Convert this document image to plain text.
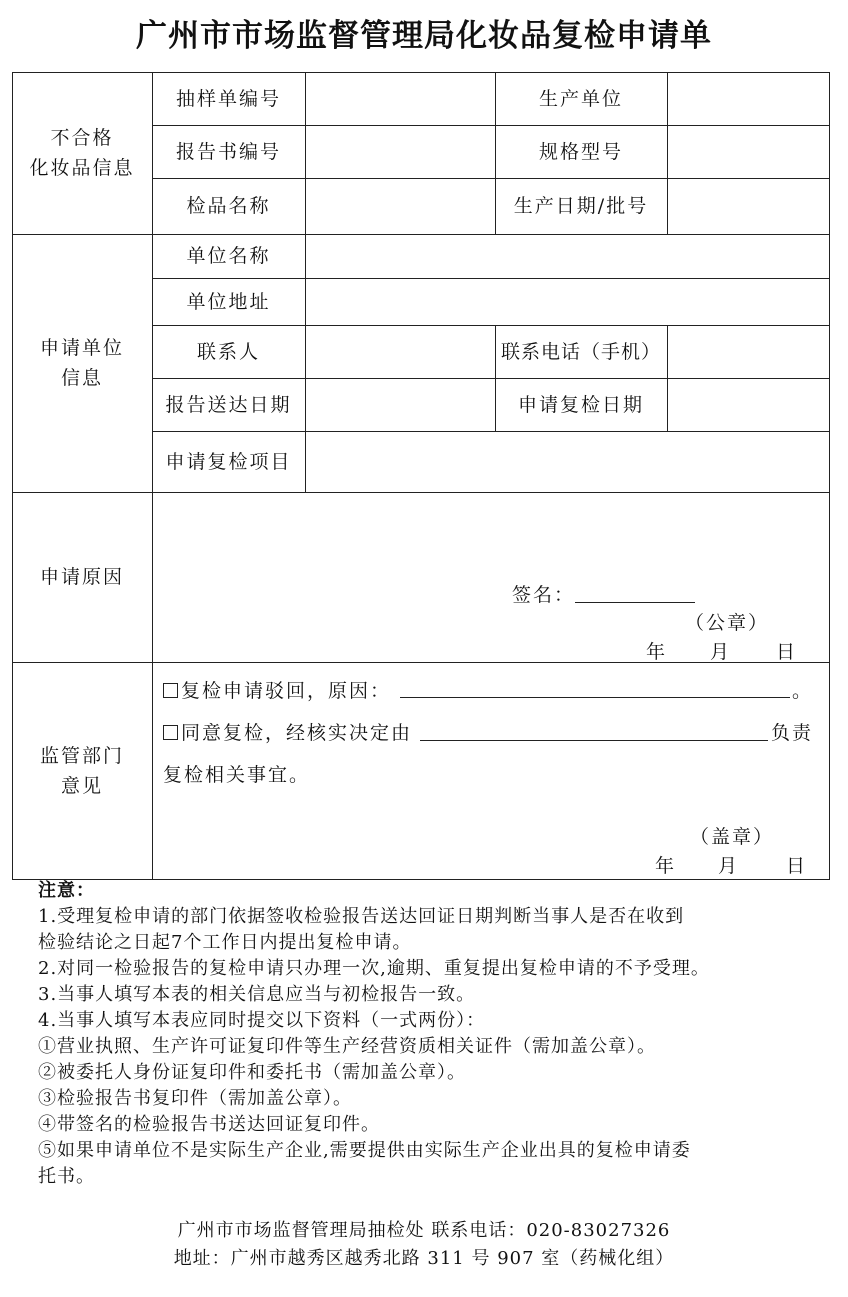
广州市市场监督管理局化妆品复检申请单
不合格
化妆品信息
抽样单编号	生产单位
报告书编号	规格型号
检品名称	生产日期/批号
申请单位
信息
单位名称
单位地址
联系人	联系电话（手机）
报告送达日期	申请复检日期
申请复检项目
申请原因
签名：
（公章）
年 月 日
监管部门
意见
复检申请驳回，原因：	。
同意复检，经核实决定由	负责
复检相关事宜。
（盖章）
年 月 日
注意：
1.受理复检申请的部门依据签收检验报告送达回证日期判断当事人是否在收到
检验结论之日起7个工作日内提出复检申请。
2.对同一检验报告的复检申请只办理一次,逾期、重复提出复检申请的不予受理。
3.当事人填写本表的相关信息应当与初检报告一致。
4.当事人填写本表应同时提交以下资料（一式两份）：
①营业执照、生产许可证复印件等生产经营资质相关证件（需加盖公章）。
②被委托人身份证复印件和委托书（需加盖公章）。
③检验报告书复印件（需加盖公章）。
④带签名的检验报告书送达回证复印件。
⑤如果申请单位不是实际生产企业,需要提供由实际生产企业出具的复检申请委
托书。
广州市市场监督管理局抽检处 联系电话：020-83027326
地址：广州市越秀区越秀北路 311 号 907 室（药械化组）
